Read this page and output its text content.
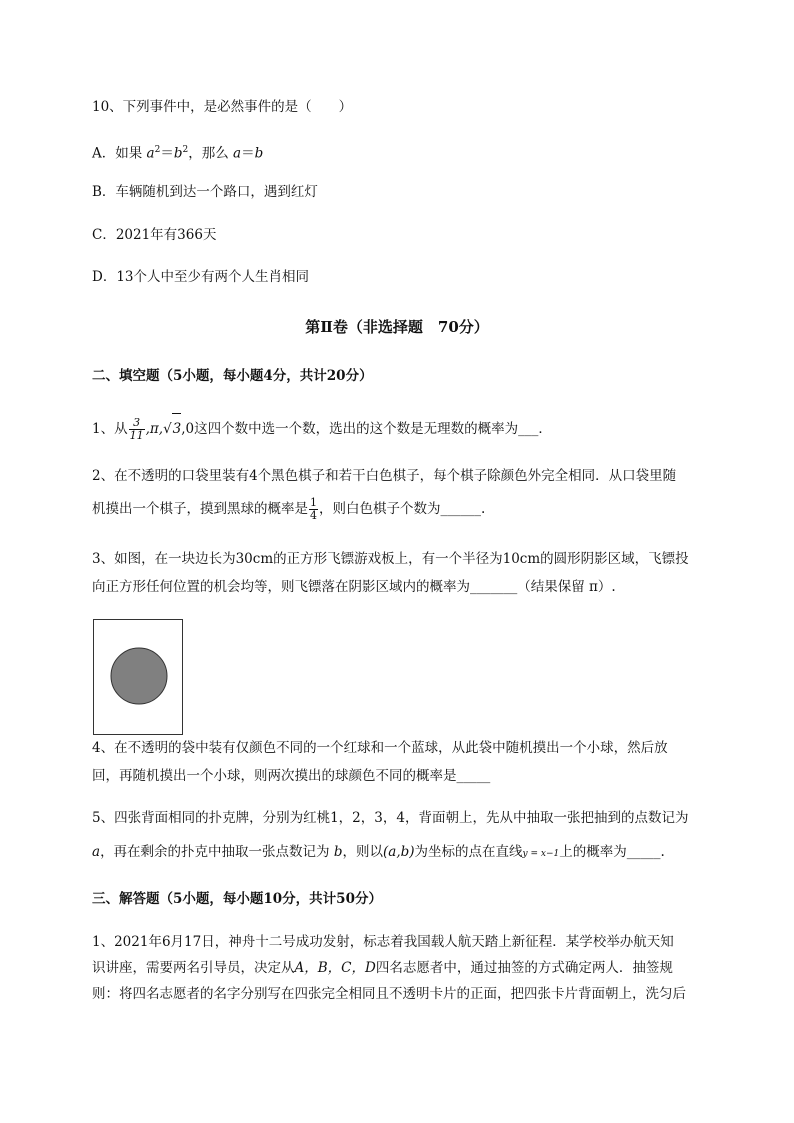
10、下列事件中，是必然事件的是（　　）
A．如果 $a^2=b^2$，那么 a＝b
B．车辆随机到达一个路口，遇到红灯
C．2021年有366天
D．13个人中至少有两个人生肖相同
第Ⅱ卷（非选择题　70分）
二、填空题（5小题，每小题4分，共计20分）
1、从 $\frac{3}{11} ,\pi,√3,0$这四个数中选一个数，选出的这个数是无理数的概率为___．
2、在不透明的口袋里装有4个黑色棋子和若干白色棋子，每个棋子除颜色外完全相同．从口袋里随
机摸出一个棋子，摸到黑球的概率是 $\frac{1}{4}$ ，则白色棋子个数为______.
3、如图，在一块边长为30cm的正方形飞镖游戏板上，有一个半径为10cm的圆形阴影区域，飞镖投
向正方形任何位置的机会均等，则飞镖落在阴影区域内的概率为_______（结果保留 π）.
4、在不透明的袋中装有仅颜色不同的一个红球和一个蓝球，从此袋中随机摸出一个小球，然后放
回，再随机摸出一个小球，则两次摸出的球颜色不同的概率是_____
5、四张背面相同的扑克牌，分别为红桃1，2，3，4，背面朝上，先从中抽取一张把抽到的点数记为
a，再在剩余的扑克中抽取一张点数记为 b，则以(a,b)为坐标的点在直线y = x−1上的概率为_____.
三、解答题（5小题，每小题10分，共计50分）
1、2021年6月17日，神舟十二号成功发射，标志着我国载人航天踏上新征程．某学校举办航天知
识讲座，需要两名引导员，决定从A，B，C，D四名志愿者中，通过抽签的方式确定两人．抽签规
则：将四名志愿者的名字分别写在四张完全相同且不透明卡片的正面，把四张卡片背面朝上，洗匀后
